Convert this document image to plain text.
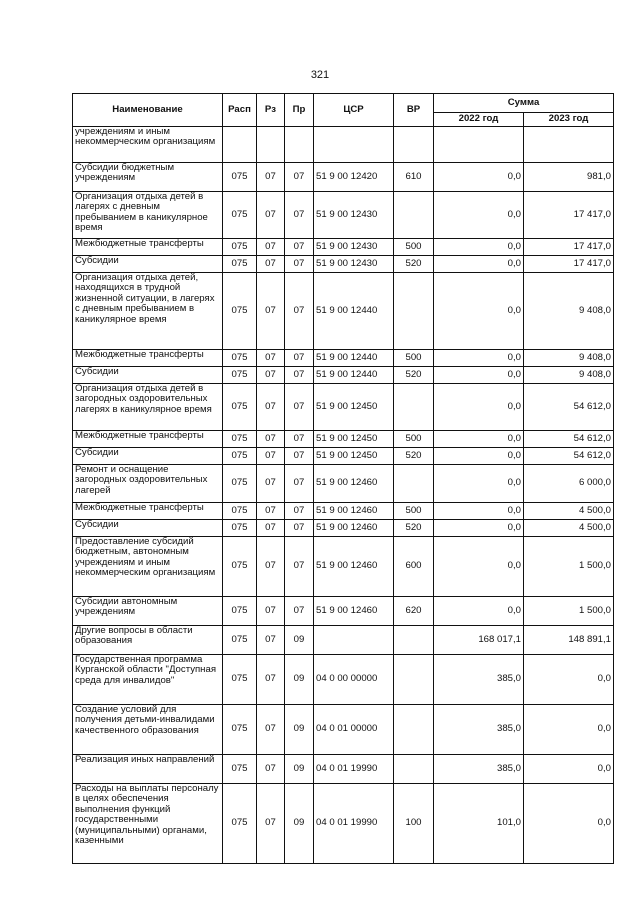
321
Наименование	Расп	Рз	Пр	ЦСР	ВР	Сумма	
						2022 год	2023 год
учреждениям и иным некоммерческим организациям							
Субсидии бюджетным учреждениям	075	07	07	51 9 00 12420	610	0,0	981,0
Организация отдыха детей в лагерях с дневным пребыванием в каникулярное время	075	07	07	51 9 00 12430		0,0	17 417,0
Межбюджетные трансферты	075	07	07	51 9 00 12430	500	0,0	17 417,0
Субсидии	075	07	07	51 9 00 12430	520	0,0	17 417,0
Организация отдыха детей, находящихся в трудной жизненной ситуации, в лагерях с дневным пребыванием в каникулярное время	075	07	07	51 9 00 12440		0,0	9 408,0
Межбюджетные трансферты	075	07	07	51 9 00 12440	500	0,0	9 408,0
Субсидии	075	07	07	51 9 00 12440	520	0,0	9 408,0
Организация отдыха детей в загородных оздоровительных лагерях в каникулярное время	075	07	07	51 9 00 12450		0,0	54 612,0
Межбюджетные трансферты	075	07	07	51 9 00 12450	500	0,0	54 612,0
Субсидии	075	07	07	51 9 00 12450	520	0,0	54 612,0
Ремонт и оснащение загородных оздоровительных лагерей	075	07	07	51 9 00 12460		0,0	6 000,0
Межбюджетные трансферты	075	07	07	51 9 00 12460	500	0,0	4 500,0
Субсидии	075	07	07	51 9 00 12460	520	0,0	4 500,0
Предоставление субсидий бюджетным, автономным учреждениям и иным некоммерческим организациям	075	07	07	51 9 00 12460	600	0,0	1 500,0
Субсидии автономным учреждениям	075	07	07	51 9 00 12460	620	0,0	1 500,0
Другие вопросы в области образования	075	07	09			168 017,1	148 891,1
Государственная программа Курганской области "Доступная среда для инвалидов"	075	07	09	04 0 00 00000		385,0	0,0
Создание условий для получения детьми-инвалидами качественного образования	075	07	09	04 0 01 00000		385,0	0,0
Реализация иных направлений	075	07	09	04 0 01 19990		385,0	0,0
Расходы на выплаты персоналу в целях обеспечения выполнения функций государственными (муниципальными) органами, казенными	075	07	09	04 0 01 19990	100	101,0	0,0
